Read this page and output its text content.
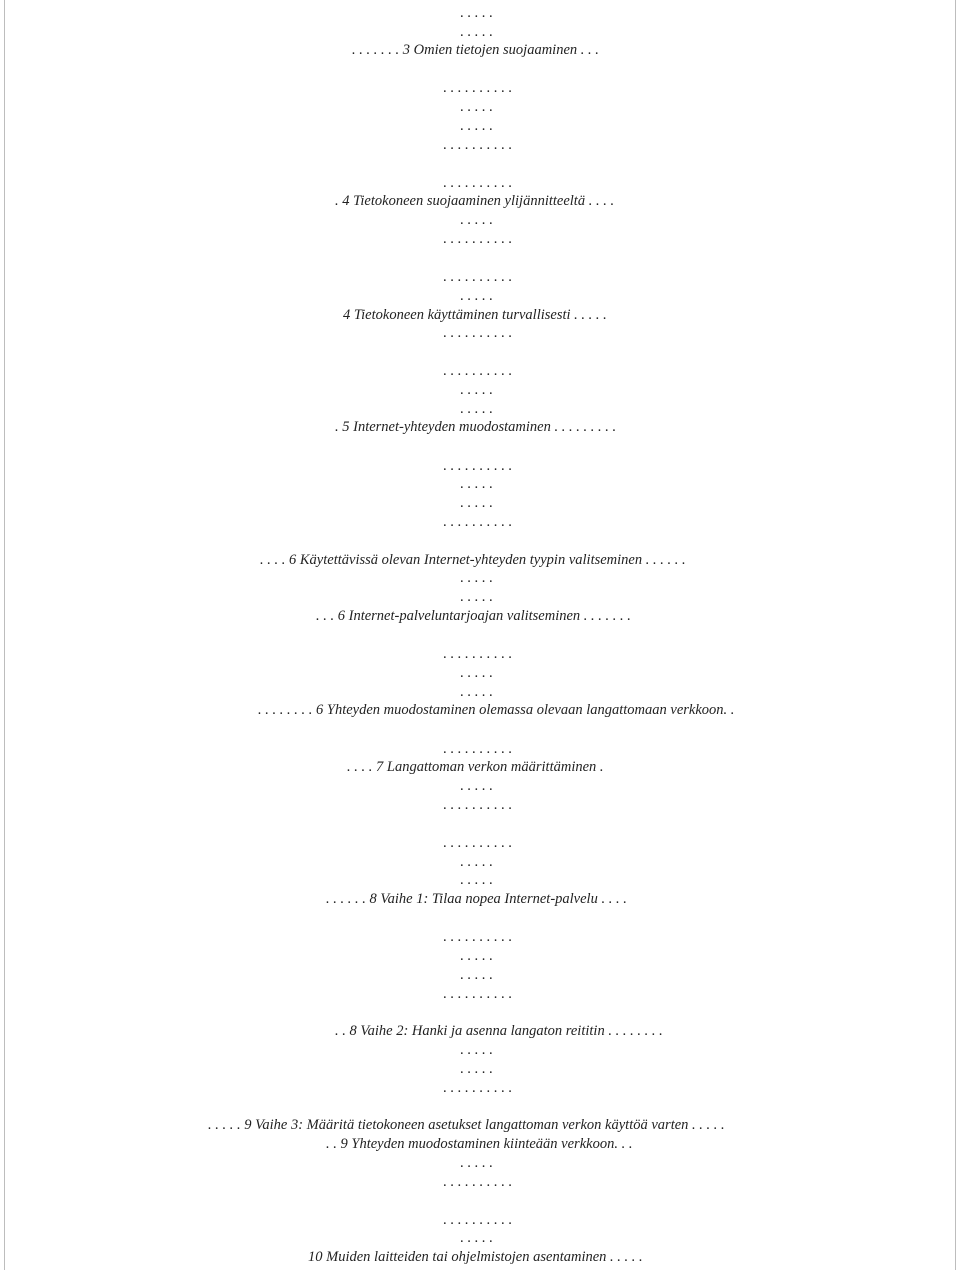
. . . . .
. . . . .
. . . . . . . 3 Omien tietojen suojaaminen . . .
. . . . . . . . . .
. . . . .
. . . . .
. . . . . . . . . .
. . . . . . . . . .
. 4 Tietokoneen suojaaminen ylijännitteeltä . . . .
. . . . .
. . . . . . . . . .
. . . . . . . . . .
. . . . .
4 Tietokoneen käyttäminen turvallisesti . . . . .
. . . . . . . . . .
. . . . . . . . . .
. . . . .
. . . . .
. 5 Internet-yhteyden muodostaminen . . . . . . . . .
. . . . . . . . . .
. . . . .
. . . . .
. . . . . . . . . .
. . . . 6 Käytettävissä olevan Internet-yhteyden tyypin valitseminen . . . . . .
. . . . .
. . . . .
. . . 6 Internet-palveluntarjoajan valitseminen . . . . . . .
. . . . . . . . . .
. . . . .
. . . . .
. . . . . . . . 6 Yhteyden muodostaminen olemassa olevaan langattomaan verkkoon. .
. . . . . . . . . .
. . . . 7 Langattoman verkon määrittäminen .
. . . . .
. . . . . . . . . .
. . . . . . . . . .
. . . . .
. . . . .
. . . . . . 8 Vaihe 1: Tilaa nopea Internet-palvelu . . . .
. . . . . . . . . .
. . . . .
. . . . .
. . . . . . . . . .
. . 8 Vaihe 2: Hanki ja asenna langaton reititin . . . . . . . .
. . . . .
. . . . .
. . . . . . . . . .
. . . . . 9 Vaihe 3: Määritä tietokoneen asetukset langattoman verkon käyttöä varten . . . . .
. . 9 Yhteyden muodostaminen kiinteään verkkoon. . .
. . . . .
. . . . . . . . . .
. . . . . . . . . .
. . . . .
10 Muiden laitteiden tai ohjelmistojen asentaminen . . . . .
